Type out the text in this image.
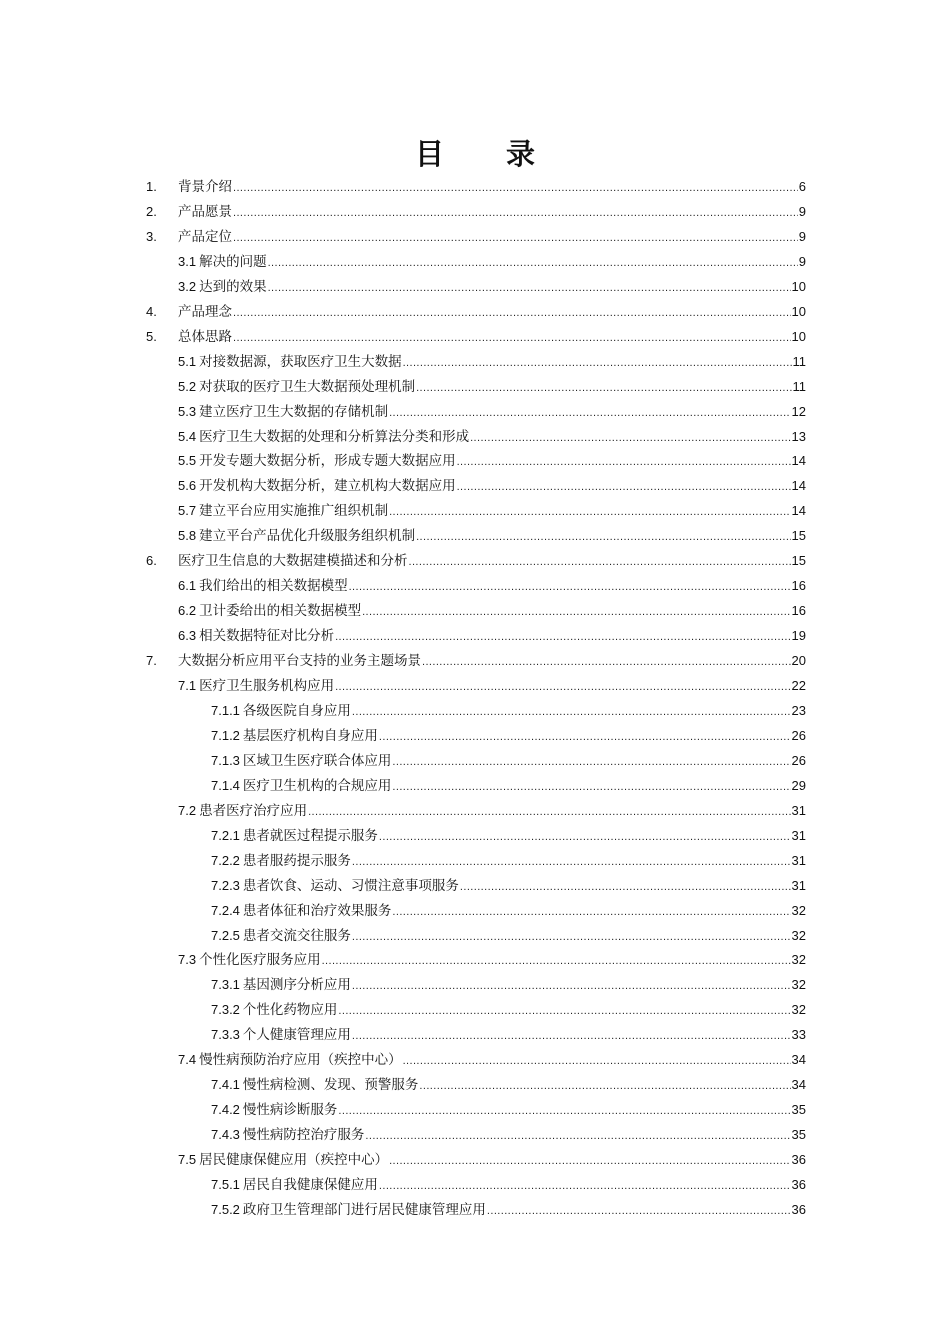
目 录
1.	背景介绍 .....	6
2.	产品愿景 .....	9
3.	产品定位 .....	9
3.1 解决的问题 .....	9
3.2 达到的效果 .....	10
4.	产品理念 .....	10
5.	总体思路 .....	10
5.1 对接数据源，获取医疗卫生大数据 .....	11
5.2 对获取的医疗卫生大数据预处理机制 .....	11
5.3 建立医疗卫生大数据的存储机制 .....	12
5.4 医疗卫生大数据的处理和分析算法分类和形成 .....	13
5.5 开发专题大数据分析，形成专题大数据应用 .....	14
5.6 开发机构大数据分析，建立机构大数据应用 .....	14
5.7 建立平台应用实施推广组织机制 .....	14
5.8 建立平台产品优化升级服务组织机制 .....	15
6.	医疗卫生信息的大数据建模描述和分析 .....	15
6.1 我们给出的相关数据模型 .....	16
6.2 卫计委给出的相关数据模型 .....	16
6.3 相关数据特征对比分析 .....	19
7.	大数据分析应用平台支持的业务主题场景 .....	20
7.1 医疗卫生服务机构应用 .....	22
7.1.1 各级医院自身应用 .....	23
7.1.2 基层医疗机构自身应用 .....	26
7.1.3 区域卫生医疗联合体应用 .....	26
7.1.4 医疗卫生机构的合规应用 .....	29
7.2 患者医疗治疗应用 .....	31
7.2.1 患者就医过程提示服务 .....	31
7.2.2 患者服药提示服务 .....	31
7.2.3 患者饮食、运动、习惯注意事项服务 .....	31
7.2.4 患者体征和治疗效果服务 .....	32
7.2.5 患者交流交往服务 .....	32
7.3 个性化医疗服务应用 .....	32
7.3.1 基因测序分析应用 .....	32
7.3.2 个性化药物应用 .....	32
7.3.3 个人健康管理应用 .....	33
7.4 慢性病预防治疗应用（疾控中心） .....	34
7.4.1 慢性病检测、发现、预警服务 .....	34
7.4.2 慢性病诊断服务 .....	35
7.4.3 慢性病防控治疗服务 .....	35
7.5 居民健康保健应用（疾控中心） .....	36
7.5.1 居民自我健康保健应用 .....	36
7.5.2 政府卫生管理部门进行居民健康管理应用 .....	36
